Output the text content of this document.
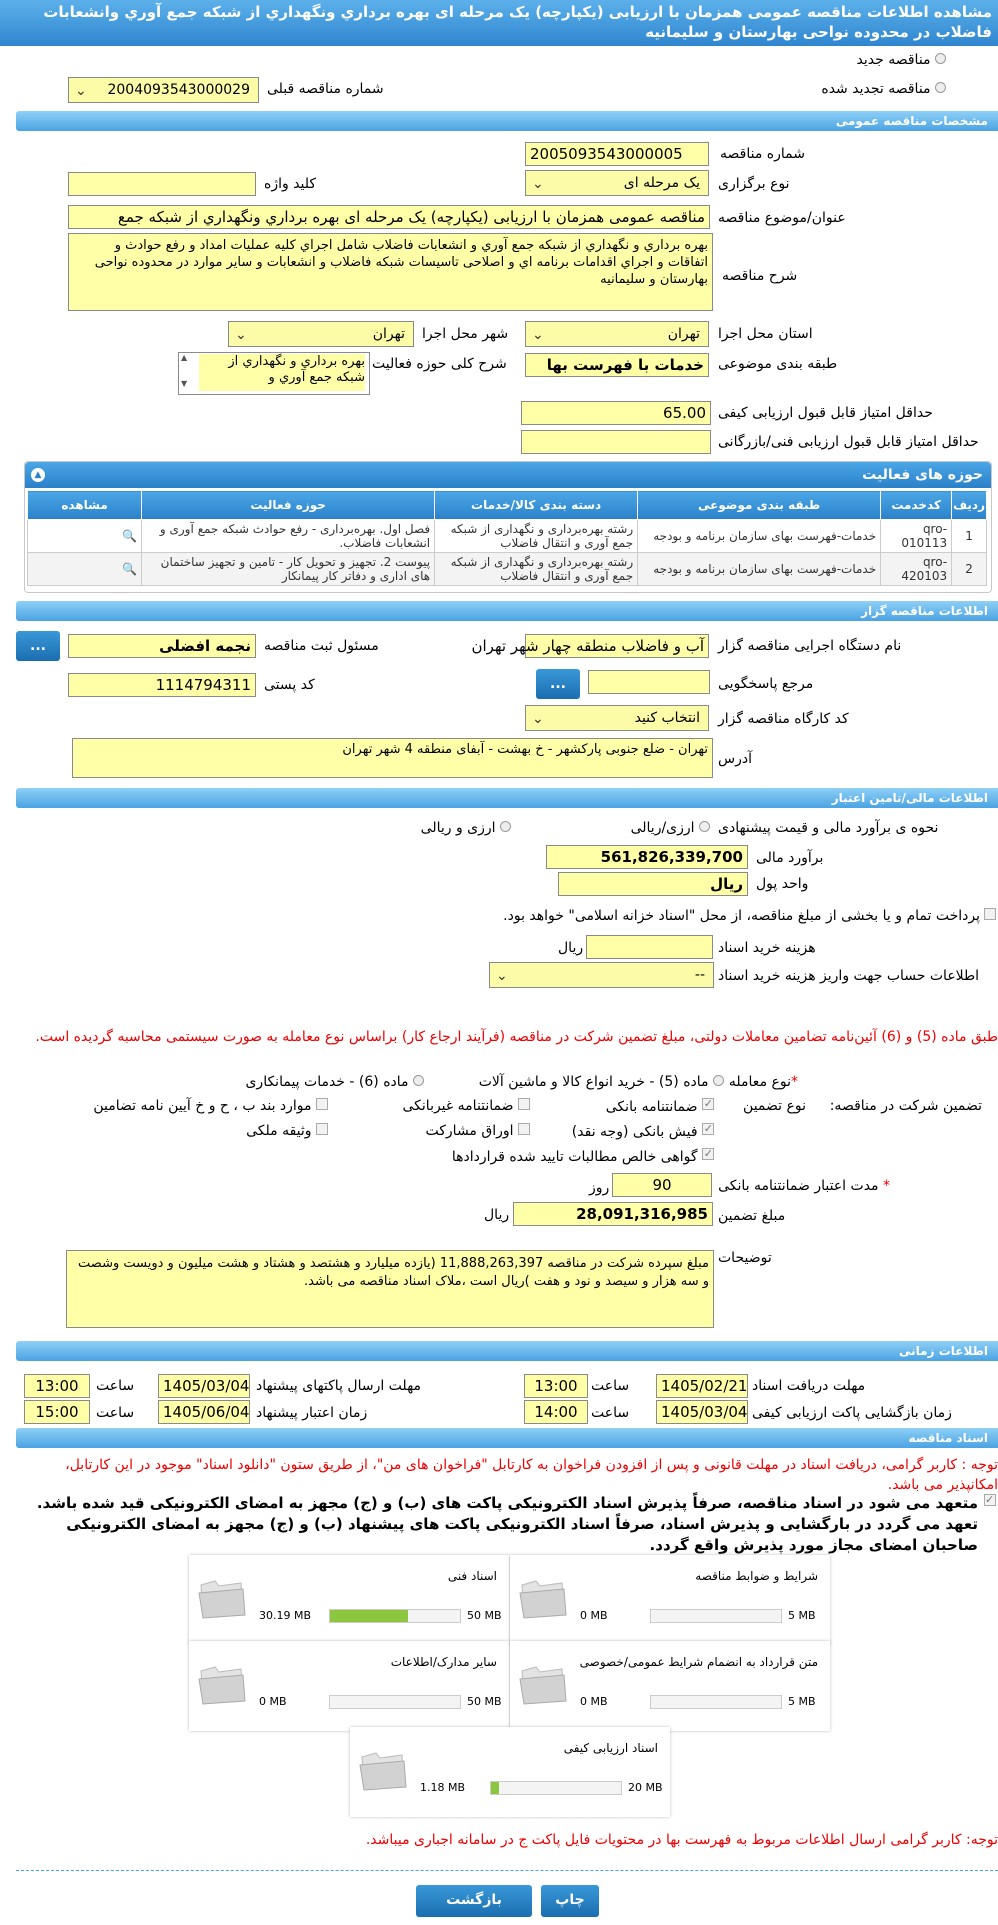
مشاهده اطلاعات مناقصه عمومی همزمان با ارزیابی (یکپارچه) یک مرحله ای بهره برداري ونگهداري از شبکه جمع آوري وانشعابات فاضلاب در محدوده نواحی بهارستان و سلیمانیه
مناقصه جدید
مناقصه تجدید شده
شماره مناقصه قبلی
⌄ 2004093543000029
مشخصات مناقصه عمومی
شماره مناقصه
2005093543000005
نوع برگزاری
⌄	یک مرحله ای
کلید واژه
عنوان/موضوع مناقصه
مناقصه عمومی همزمان با ارزیابی (یکپارچه) یک مرحله ای بهره برداري ونگهداري از شبکه جمع
شرح مناقصه
بهره برداري و نگهداري از شبکه جمع آوري و انشعابات فاضلاب شامل اجراي کلیه عملیات امداد و رفع حوادث و اتفاقات و اجراي اقدامات برنامه اي و اصلاحی تاسیسات شبکه فاضلاب و انشعابات و سایر موارد در محدوده نواحی بهارستان و سلیمانیه
استان محل اجرا
⌄	تهران
شهر محل اجرا
⌄	تهران
طبقه بندی موضوعی
خدمات با فهرست بها
شرح کلی حوزه فعالیت
بهره برداري و نگهداري از شبکه جمع آوري و
▲
▼
حداقل امتیاز قابل قبول ارزیابی کیفی
65.00
حداقل امتیاز قابل قبول ارزیابی فنی/بازرگانی
حوزه های فعالیت
▲
ردیف	کدخدمت	طبقه بندی موضوعی	دسته بندی کالا/خدمات	حوزه فعالیت	مشاهده
1	qro-010113	خدمات-فهرست بهای سازمان برنامه و بودجه	رشته بهره‌برداری و نگهداری از شبکه جمع آوری و انتقال فاضلاب	فصل اول. بهره‌برداری - رفع حوادث شبکه جمع آوری و انشعابات فاضلاب.	🔍
2	qro-420103	خدمات-فهرست بهای سازمان برنامه و بودجه	رشته بهره‌برداری و نگهداری از شبکه جمع آوری و انتقال فاضلاب	پیوست 2. تجهیز و تحویل کار - تامین و تجهیز ساختمان های اداری و دفاتر کار پیمانکار	🔍
اطلاعات مناقصه گزار
نام دستگاه اجرایی مناقصه گزار
آب و فاضلاب منطقه چهار شهر تهران
مسئول ثبت مناقصه
نجمه افضلی
...
مرجع پاسخگویی
...
کد پستی
1114794311
کد کارگاه مناقصه گزار
⌄	انتخاب کنید
آدرس
تهران - ضلع جنوبی پارکشهر - خ بهشت - آبفای منطقه 4 شهر تهران
اطلاعات مالی/تامین اعتبار
نحوه ی برآورد مالی و قیمت پیشنهادی
ارزی/ریالی
ارزی و ریالی
برآورد مالی
561,826,339,700
واحد پول
ریال
پرداخت تمام و یا بخشی از مبلغ مناقصه، از محل "اسناد خزانه اسلامی" خواهد بود.
هزینه خرید اسناد
ریال
اطلاعات حساب جهت واریز هزینه خرید اسناد
⌄	--
طبق ماده (5) و (6) آئین‌نامه تضامین معاملات دولتی، مبلغ تضمین شرکت در مناقصه (فرآیند ارجاع کار) براساس نوع معامله به صورت سیستمی محاسبه گردیده است.
*نوع معامله
ماده (5) - خرید انواع کالا و ماشین آلات
ماده (6) - خدمات پیمانکاری
تضمین شرکت در مناقصه:
نوع تضمین
✓ ضمانتنامه بانکی
ضمانتنامه غیربانکی
موارد بند ب ، ح و خ آیین نامه تضامین
✓ فیش بانکی (وجه نقد)
اوراق مشارکت
وثیقه ملکی
✓ گواهی خالص مطالبات تایید شده قراردادها
* مدت اعتبار ضمانتنامه بانکی
90
روز
مبلغ تضمین
28,091,316,985
ریال
توضیحات
مبلغ سپرده شرکت در مناقصه 11,888,263,397 (یازده میلیارد و هشتصد و هشتاد و هشت میلیون و دویست وشصت و سه هزار و سیصد و نود و هفت )ریال است ،ملاک اسناد مناقصه می باشد.
اطلاعات زمانی
مهلت دریافت اسناد
1405/02/21
ساعت
13:00
مهلت ارسال پاکتهای پیشنهاد
1405/03/04
ساعت
13:00
زمان بازگشایی پاکت ارزیابی کیفی
1405/03/04
ساعت
14:00
زمان اعتبار پیشنهاد
1405/06/04
ساعت
15:00
اسناد مناقصه
توجه : کاربر گرامی، دریافت اسناد در مهلت قانونی و پس از افزودن فراخوان به کارتابل "فراخوان های من"، از طریق ستون "دانلود اسناد" موجود در این کارتابل، امکانپذیر می باشد.
✓
متعهد می شود در اسناد مناقصه، صرفاً پذیرش اسناد الکترونیکی پاکت های (ب) و (ج) مجهز به امضای الکترونیکی قید شده باشد. تعهد می گردد در بارگشایی و پذیرش اسناد، صرفاً اسناد الکترونیکی پاکت های پیشنهاد (ب) و (ج) مجهز به امضای الکترونیکی صاحبان امضای مجاز مورد پذیرش واقع گردد.
اسناد فنی
30.19 MB	50 MB
شرایط و ضوابط مناقصه
0 MB	5 MB
سایر مدارک/اطلاعات
0 MB	50 MB
متن قرارداد به انضمام شرایط عمومی/خصوصی
0 MB	5 MB
اسناد ارزیابی کیفی
1.18 MB	20 MB
توجه: کاربر گرامی ارسال اطلاعات مربوط به فهرست بها در محتویات فایل پاکت ج در سامانه اجباری میباشد.
چاپ
بازگشت
